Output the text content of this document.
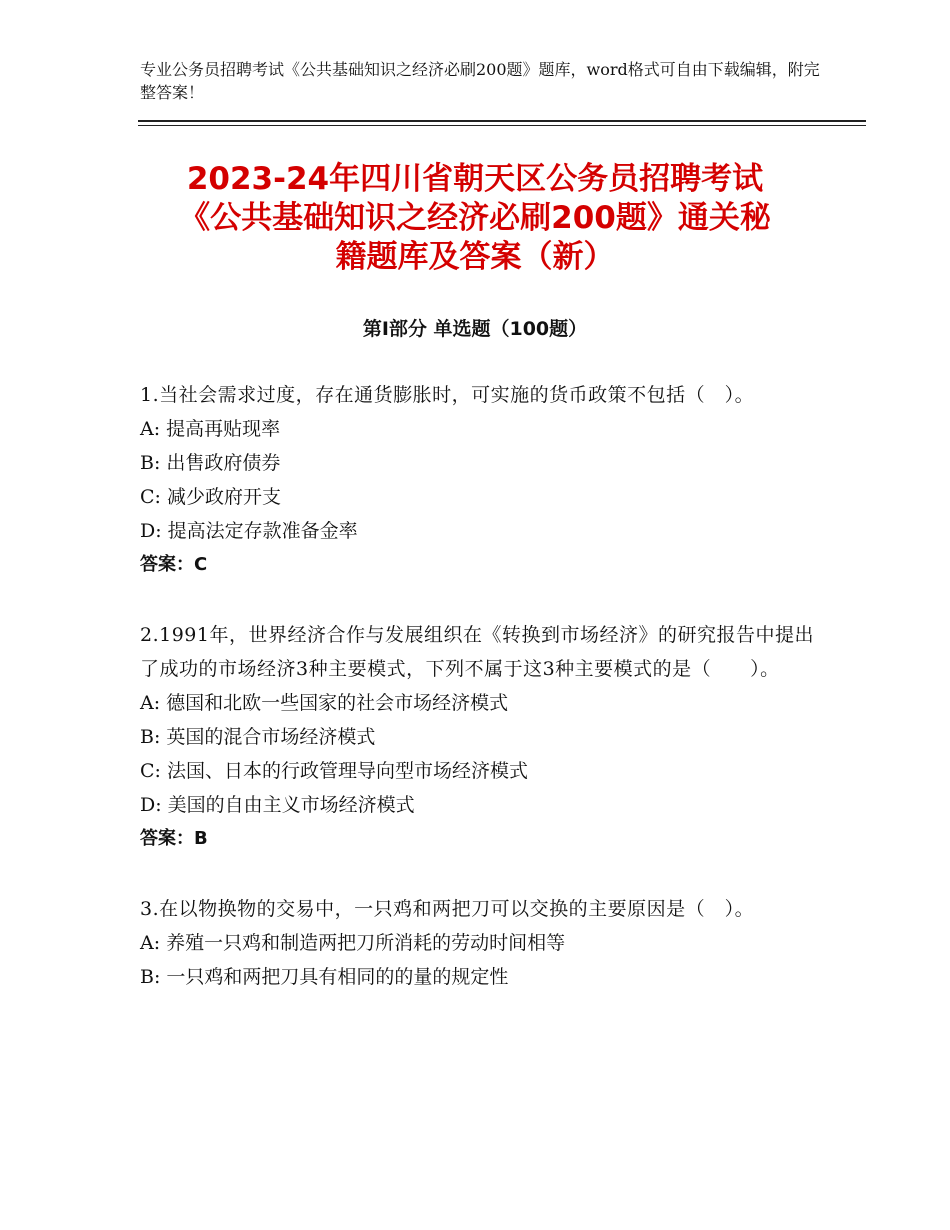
专业公务员招聘考试《公共基础知识之经济必刷200题》题库，word格式可自由下载编辑，附完整答案！
2023-24年四川省朝天区公务员招聘考试
《公共基础知识之经济必刷200题》通关秘
籍题库及答案（新）
第Ⅰ部分 单选题（100题）
1.当社会需求过度，存在通货膨胀时，可实施的货币政策不包括（　）。
A: 提高再贴现率
B: 出售政府债券
C: 减少政府开支
D: 提高法定存款准备金率
答案：C
2.1991年，世界经济合作与发展组织在《转换到市场经济》的研究报告中提出了成功的市场经济3种主要模式，下列不属于这3种主要模式的是（　　）。
A: 德国和北欧一些国家的社会市场经济模式
B: 英国的混合市场经济模式
C: 法国、日本的行政管理导向型市场经济模式
D: 美国的自由主义市场经济模式
答案：B
3.在以物换物的交易中，一只鸡和两把刀可以交换的主要原因是（　）。
A: 养殖一只鸡和制造两把刀所消耗的劳动时间相等
B: 一只鸡和两把刀具有相同的的量的规定性
